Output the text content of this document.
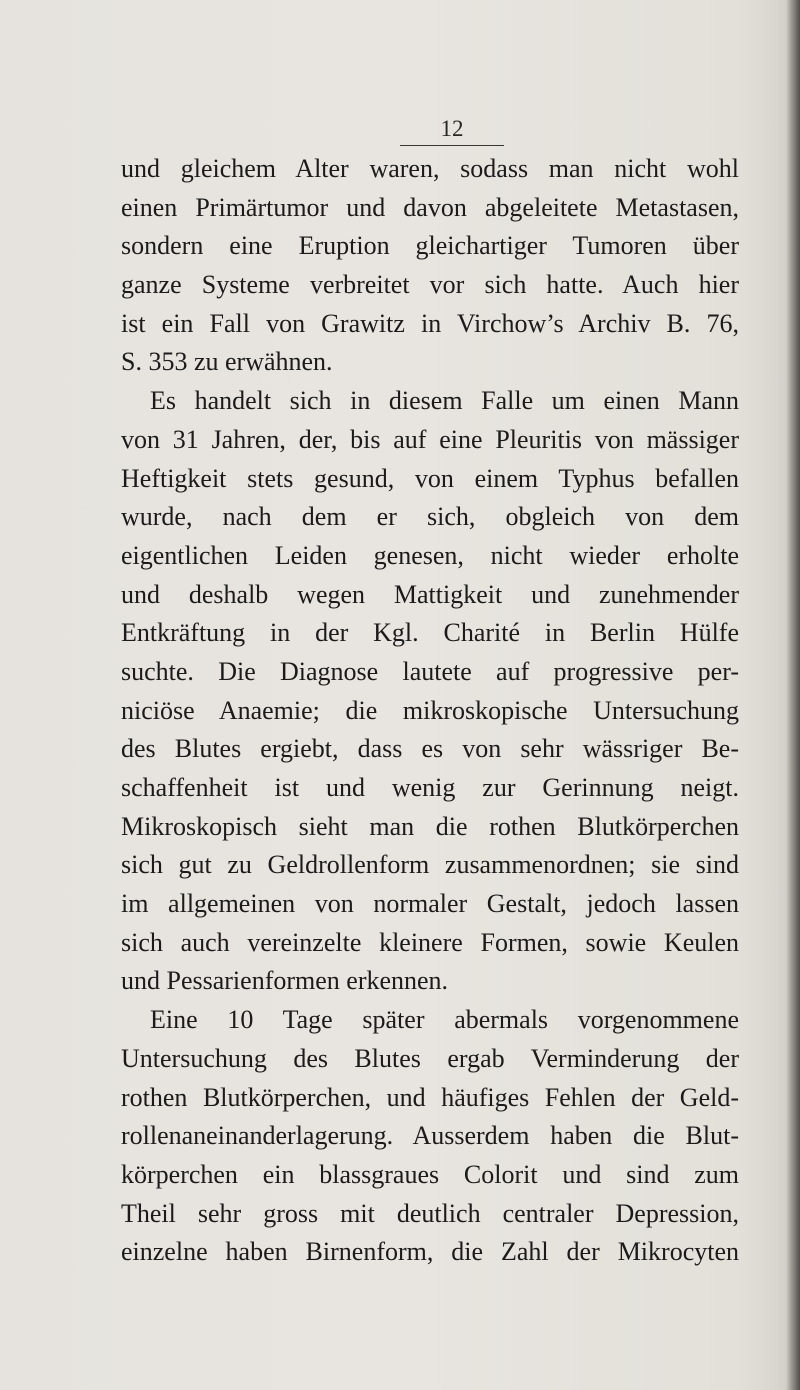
12
und gleichem Alter waren, sodass man nicht wohl
einen Primärtumor und davon abgeleitete Metastasen,
sondern eine Eruption gleichartiger Tumoren über
ganze Systeme verbreitet vor sich hatte. Auch hier
ist ein Fall von Grawitz in Virchow’s Archiv B. 76,
S. 353 zu erwähnen.
Es handelt sich in diesem Falle um einen Mann
von 31 Jahren, der, bis auf eine Pleuritis von mässiger
Heftigkeit stets gesund, von einem Typhus befallen
wurde, nach dem er sich, obgleich von dem
eigentlichen Leiden genesen, nicht wieder erholte
und deshalb wegen Mattigkeit und zunehmender
Entkräftung in der Kgl. Charité in Berlin Hülfe
suchte. Die Diagnose lautete auf progressive per-
niciöse Anaemie; die mikroskopische Untersuchung
des Blutes ergiebt, dass es von sehr wässriger Be-
schaffenheit ist und wenig zur Gerinnung neigt.
Mikroskopisch sieht man die rothen Blutkörperchen
sich gut zu Geldrollenform zusammenordnen; sie sind
im allgemeinen von normaler Gestalt, jedoch lassen
sich auch vereinzelte kleinere Formen, sowie Keulen
und Pessarienformen erkennen.
Eine 10 Tage später abermals vorgenommene
Untersuchung des Blutes ergab Verminderung der
rothen Blutkörperchen, und häufiges Fehlen der Geld-
rollenaneinanderlagerung. Ausserdem haben die Blut-
körperchen ein blassgraues Colorit und sind zum
Theil sehr gross mit deutlich centraler Depression,
einzelne haben Birnenform, die Zahl der Mikrocyten
